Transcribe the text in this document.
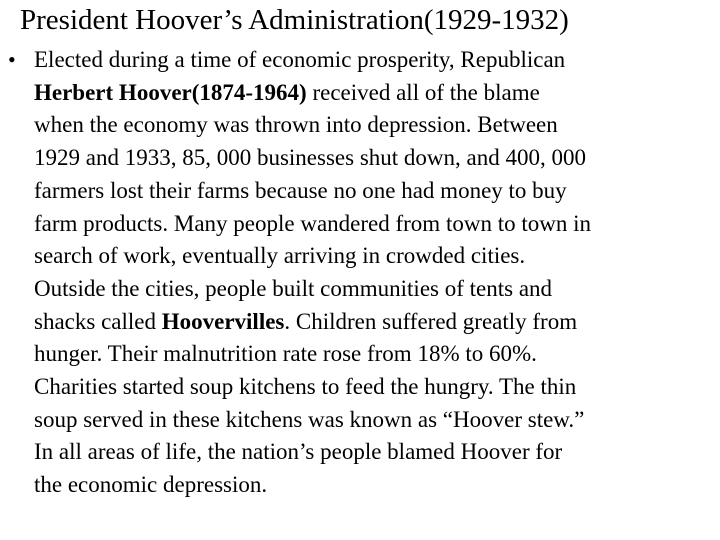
President Hoover’s Administration(1929-1932)
• Elected during a time of economic prosperity, Republican
Herbert Hoover(1874-1964) received all of the blame
when the economy was thrown into depression. Between
1929 and 1933, 85, 000 businesses shut down, and 400, 000
farmers lost their farms because no one had money to buy
farm products. Many people wandered from town to town in
search of work, eventually arriving in crowded cities.
Outside the cities, people built communities of tents and
shacks called Hoovervilles. Children suffered greatly from
hunger. Their malnutrition rate rose from 18% to 60%.
Charities started soup kitchens to feed the hungry. The thin
soup served in these kitchens was known as “Hoover stew.”
In all areas of life, the nation’s people blamed Hoover for
the economic depression.
